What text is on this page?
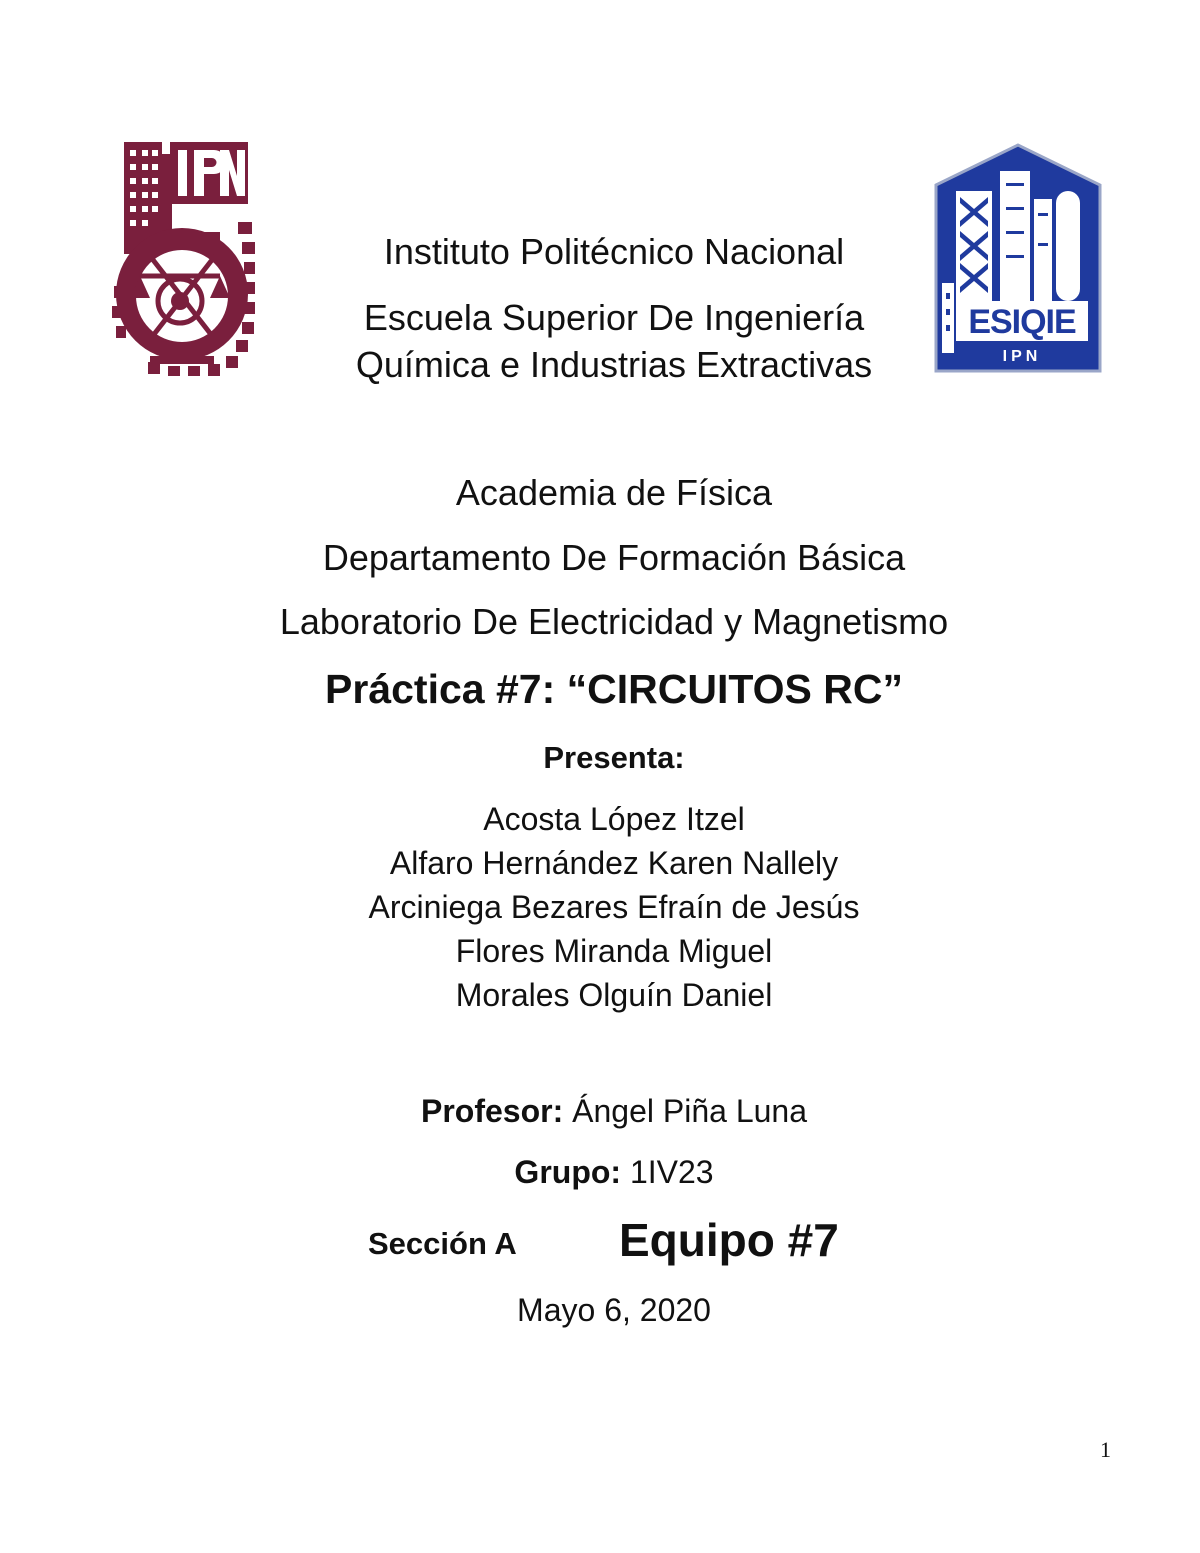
ESIQIE
IPN
Instituto Politécnico Nacional
Escuela Superior De Ingeniería
Química e Industrias Extractivas
Academia de Física
Departamento De Formación Básica
Laboratorio De Electricidad y Magnetismo
Práctica #7: “CIRCUITOS RC”
Presenta:
Acosta López Itzel
Alfaro Hernández Karen Nallely
Arciniega Bezares Efraín de Jesús
Flores Miranda Miguel
Morales Olguín Daniel
Profesor: Ángel Piña Luna
Grupo: 1IV23
Sección A Equipo #7
Mayo 6, 2020
1
